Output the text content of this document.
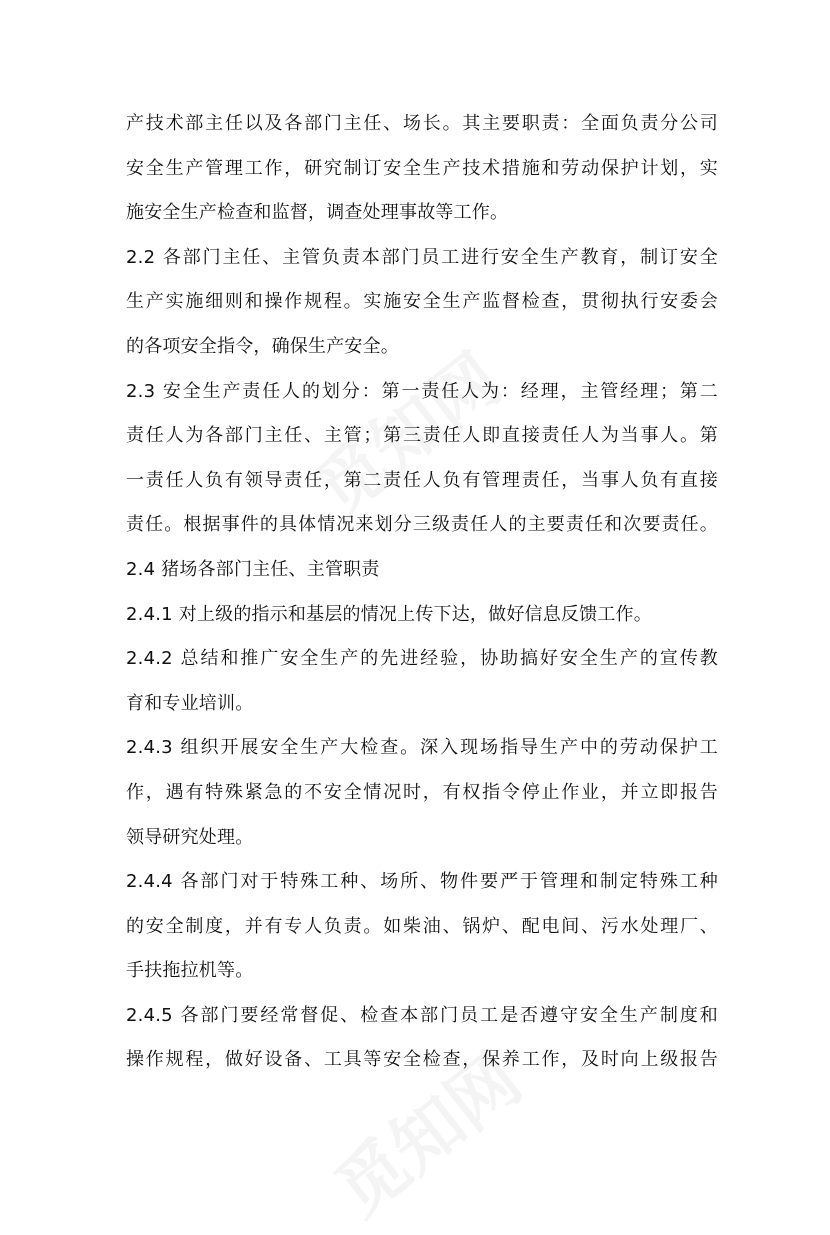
产技术部主任以及各部门主任、场长。其主要职责：全面负责分公司
安全生产管理工作，研究制订安全生产技术措施和劳动保护计划，实
施安全生产检查和监督，调查处理事故等工作。
2.2 各部门主任、主管负责本部门员工进行安全生产教育，制订安全
生产实施细则和操作规程。实施安全生产监督检查，贯彻执行安委会
的各项安全指令，确保生产安全。
2.3 安全生产责任人的划分：第一责任人为：经理，主管经理；第二
责任人为各部门主任、主管；第三责任人即直接责任人为当事人。第
一责任人负有领导责任，第二责任人负有管理责任，当事人负有直接
责任。根据事件的具体情况来划分三级责任人的主要责任和次要责任。
2.4 猪场各部门主任、主管职责
2.4.1 对上级的指示和基层的情况上传下达，做好信息反馈工作。
2.4.2 总结和推广安全生产的先进经验，协助搞好安全生产的宣传教
育和专业培训。
2.4.3 组织开展安全生产大检查。深入现场指导生产中的劳动保护工
作，遇有特殊紧急的不安全情况时，有权指令停止作业，并立即报告
领导研究处理。
2.4.4 各部门对于特殊工种、场所、物件要严于管理和制定特殊工种
的安全制度，并有专人负责。如柴油、锅炉、配电间、污水处理厂、
手扶拖拉机等。
2.4.5 各部门要经常督促、检查本部门员工是否遵守安全生产制度和
操作规程，做好设备、工具等安全检查，保养工作，及时向上级报告
